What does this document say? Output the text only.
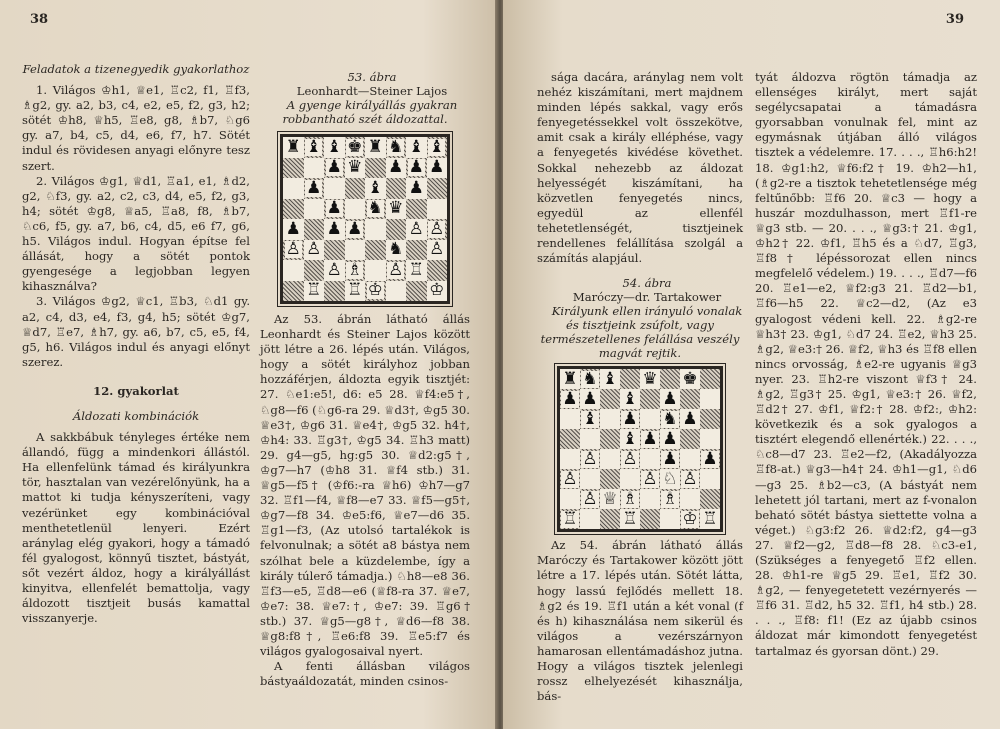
38

Feladatok a tizenegyedik gyakorlathoz

1. Világos ♔h1, ♕e1, ♖c2, f1, ♖f3, ♗g2, gy. a2, b3, c4, e2, e5, f2, g3, h2; sötét ♔h8, ♕h5, ♖e8, g8, ♗b7, ♘g6 gy. a7, b4, c5, d4, e6, f7, h7. Sötét indul és rövidesen anyagi előnyre tesz szert.

2. Világos ♔g1, ♕d1, ♖a1, e1, ♗d2, g2, ♘f3, gy. a2, c2, c3, d4, e5, f2, g3, h4; sötét ♔g8, ♕a5, ♖a8, f8, ♗b7, ♘c6, f5, gy. a7, b6, c4, d5, e6 f7, g6, h5. Világos indul. Hogyan építse fel állását, hogy a sötét pontok gyengesége a legjobban legyen kihasználva?

3. Világos ♔g2, ♕c1, ♖b3, ♘d1 gy. a2, c4, d3, e4, f3, g4, h5; sötét ♔g7, ♕d7, ♖e7, ♗h7, gy. a6, b7, c5, e5, f4, g5, h6. Világos indul és anyagi előnyt szerez.

12. gyakorlat

Áldozati kombinációk

A sakkbábuk tényleges értéke nem állandó, függ a mindenkori állástól. Ha ellenfelünk támad és királyunkra tör, hasztalan van vezérelőnyünk, ha a mattot ki tudja kényszeríteni, vagy vezérünket egy kombinációval menthetetlenül lenyeri. Ezért aránylag elég gyakori, hogy a támadó fél gyalogost, könnyű tisztet, bástyát, sőt vezért áldoz, hogy a királyállást kinyitva, ellenfelét bemattolja, vagy áldozott tisztjeit busás kamattal visszanyerje.

53. ábra

Leonhardt—Steiner Lajos

A gyenge királyállás gyakran robbantható szét áldozattal.

♜ ♝ ♝ ♚ ♜ ♞ ♝ ♝
♟ ♛ ♟ ♟ ♟
♟	♝ ♟
♟ ♞ ♛
♟ ♟ ♟	♙ ♙
♙ ♙	♞ ♙
♙ ♗ ♙ ♖
♖ ♖ ♔	♔

Az 53. ábrán látható állás Leonhardt és Steiner Lajos között jött létre a 26. lépés után. Világos, hogy a sötét királyhoz jobban hozzáférjen, áldozta egyik tisztjét: 27. ♘e1:e5!, d6: e5 28. ♕f4:e5†, ♘g8—f6 (♘g6-ra 29. ♕d3†, ♔g5 30. ♕e3†, ♔g6 31. ♕e4†, ♔g5 32. h4†, ♔h4: 33. ♖g3†, ♔g5 34. ♖h3 matt) 29. g4—g5, hg:g5 30. ♕d2:g5†, ♔g7—h7 (♔h8 31. ♕f4 stb.) 31. ♕g5—f5† (♔f6:-ra ♕h6) ♔h7—g7 32. ♖f1—f4, ♕f8—e7 33. ♕f5—g5†, ♔g7—f8 34. ♔e5:f6, ♕e7—d6 35. ♖g1—f3, (Az utolsó tartalékok is felvonulnak; a sötét a8 bástya nem szólhat bele a küzdelembe, így a király túlerő támadja.) ♘h8—e8 36. ♖f3—e5, ♖d8—e6 (♕f8-ra 37. ♕e7, ♔e7: 38. ♕e7:†, ♔e7: 39. ♖g6† stb.) 37. ♕g5—g8†, ♕d6—f8 38. ♕g8:f8†, ♖e6:f8 39. ♖e5:f7 és világos gyalogosaival nyert.

A fenti állásban világos bástyaáldozatát, minden csinos-

39

sága dacára, aránylag nem volt nehéz kiszámítani, mert majdnem minden lépés sakkal, vagy erős fenyegetéssekkel volt összekötve, amit csak a király elléphése, vagy a fenyegetés kivédése követhet. Sokkal nehezebb az áldozat helyességét kiszámítani, ha közvetlen fenyegetés nincs, egyedül az ellenfél tehetetlenségét, tisztjeinek rendellenes felállítása szolgál a számítás alapjául.

54. ábra

Maróczy—dr. Tartakower

Királyunk ellen irányuló vonalak és tisztjeink zsúfolt, vagy természetellenes felállása veszély magvát rejtik.

♜ ♞ ♝ ♛ ♚
♟ ♟ ♝ ♟
♝ ♟ ♞ ♟
♝ ♟ ♟
♙ ♙ ♟ ♟
♙	♙ ♘ ♙
♙ ♕ ♗ ♗
♖	♖	♔ ♖

Az 54. ábrán látható állás Maróczy és Tartakower között jött létre a 17. lépés után. Sötét látta, hogy lassú fejlődés mellett 18. ♗g2 és 19. ♖f1 után a két vonal (f és h) kihasználása nem sikerül és világos a vezérszárnyon hamarosan ellentámadáshoz jutna. Hogy a világos tisztek jelenlegi rossz elhelyezését kihasználja, bás-

tyát áldozva rögtön támadja az ellenséges királyt, mert saját segélycsapatai a támadásra gyorsabban vonulnak fel, mint az egymásnak útjában álló világos tisztek a védelemre. 17. . . ., ♖h6:h2! 18. ♔g1:h2, ♕f6:f2† 19. ♔h2—h1, (♗g2-re a tisztok tehetetlensége még feltűnőbb: ♖f6 20. ♕c3 — hogy a huszár mozdulhasson, mert ♖f1-re ♕g3 stb. — 20. . . ., ♕g3:† 21. ♔g1, ♔h2† 22. ♔f1, ♖h5 és a ♘d7, ♖g3, ♖f8† lépéssorozat ellen nincs megfelelő védelem.) 19. . . ., ♖d7—f6 20. ♖e1—e2, ♕f2:g3 21. ♖d2—b1, ♖f6—h5 22. ♕c2—d2, (Az e3 gyalogost védeni kell. 22. ♗g2-re ♕h3† 23. ♔g1, ♘d7 24. ♖e2, ♕h3 25. ♗g2, ♕e3:† 26. ♕f2, ♕h3 és ♖f8 ellen nincs orvosság, ♗e2-re ugyanis ♕g3 nyer. 23. ♖h2-re viszont ♕f3† 24. ♗g2, ♖g3† 25. ♔g1, ♕e3:† 26. ♕f2, ♖d2† 27. ♔f1, ♕f2:† 28. ♔f2:, ♔h2: következik és a sok gyalogos a tisztért elegendő ellenérték.) 22. . . ., ♘c8—d7 23. ♖e2—f2, (Akadályozza ♖f8-at.) ♕g3—h4† 24. ♔h1—g1, ♘d6—g3 25. ♗b2—c3, (A bástyát nem lehetett jól tartani, mert az f-vonalon beható sötét bástya siettette volna a véget.) ♘g3:f2 26. ♕d2:f2, g4—g3 27. ♕f2—g2, ♖d8—f8 28. ♘c3-e1, (Szükséges a fenyegető ♖f2 ellen. 28. ♔h1-re ♕g5 29. ♖e1, ♖f2 30. ♗g2, — fenyegetetett vezérnyerés — ♖f6 31. ♖d2, h5 32. ♖f1, h4 stb.) 28. . . ., ♖f8: f1! (Ez az újabb csinos áldozat már kimondott fenyegetést tartalmaz és gyorsan dönt.) 29.
